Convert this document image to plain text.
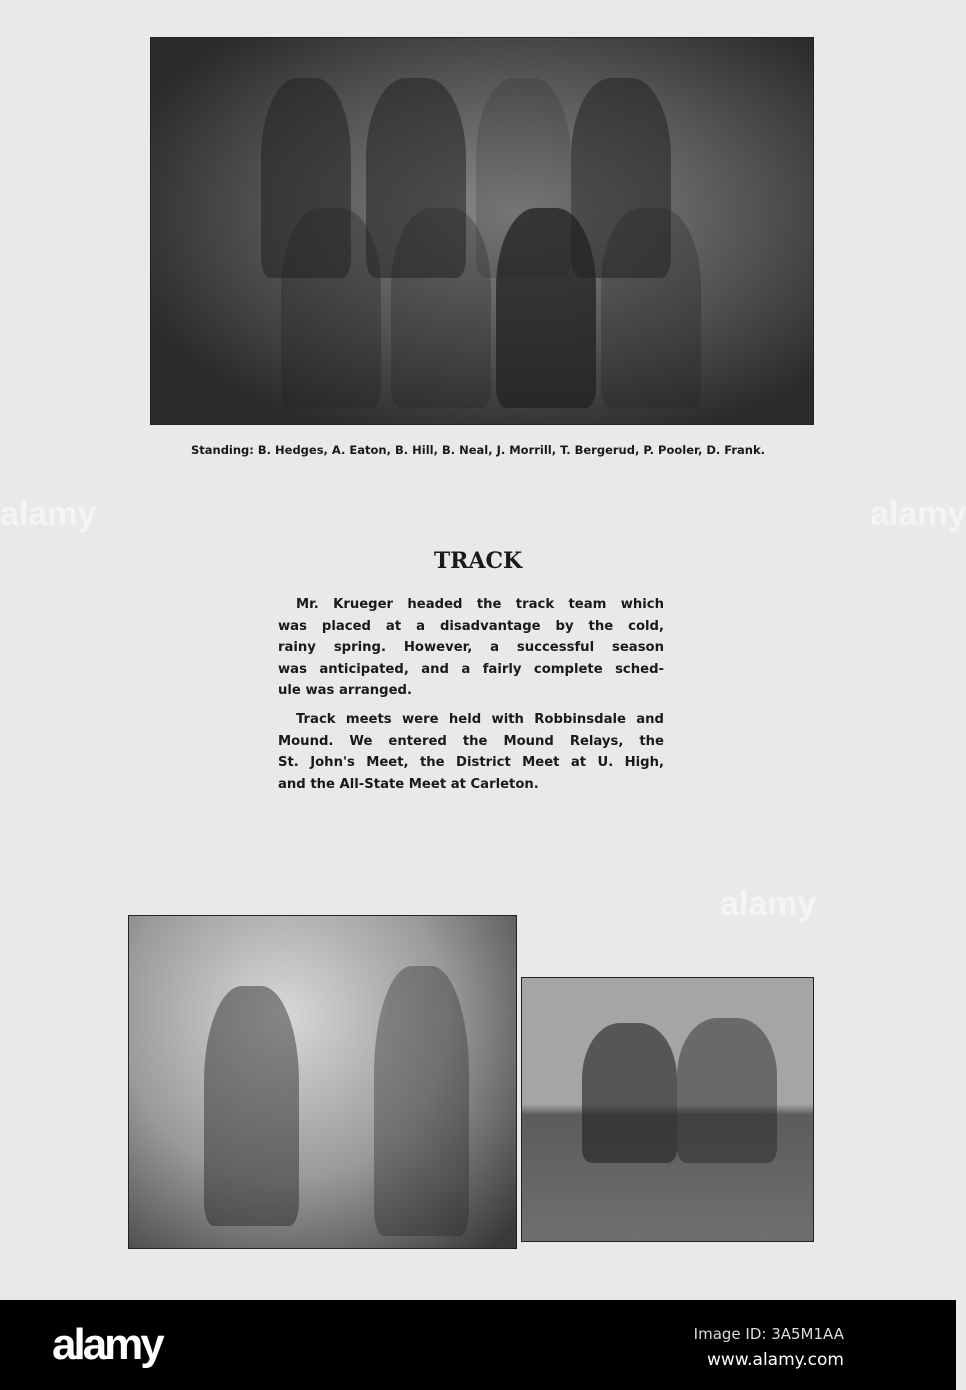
Standing: B. Hedges, A. Eaton, B. Hill, B. Neal, J. Morrill, T. Bergerud, P. Pooler, D. Frank.
TRACK
Mr. Krueger headed the track team which
was placed at a disadvantage by the cold,
rainy spring. However, a successful season
was anticipated, and a fairly complete sched-
ule was arranged.
Track meets were held with Robbinsdale and
Mound. We entered the Mound Relays, the
St. John's Meet, the District Meet at U. High,
and the All-State Meet at Carleton.
alamy	alamy
alamy
alamy	Image ID: 3A5M1AA
www.alamy.com
